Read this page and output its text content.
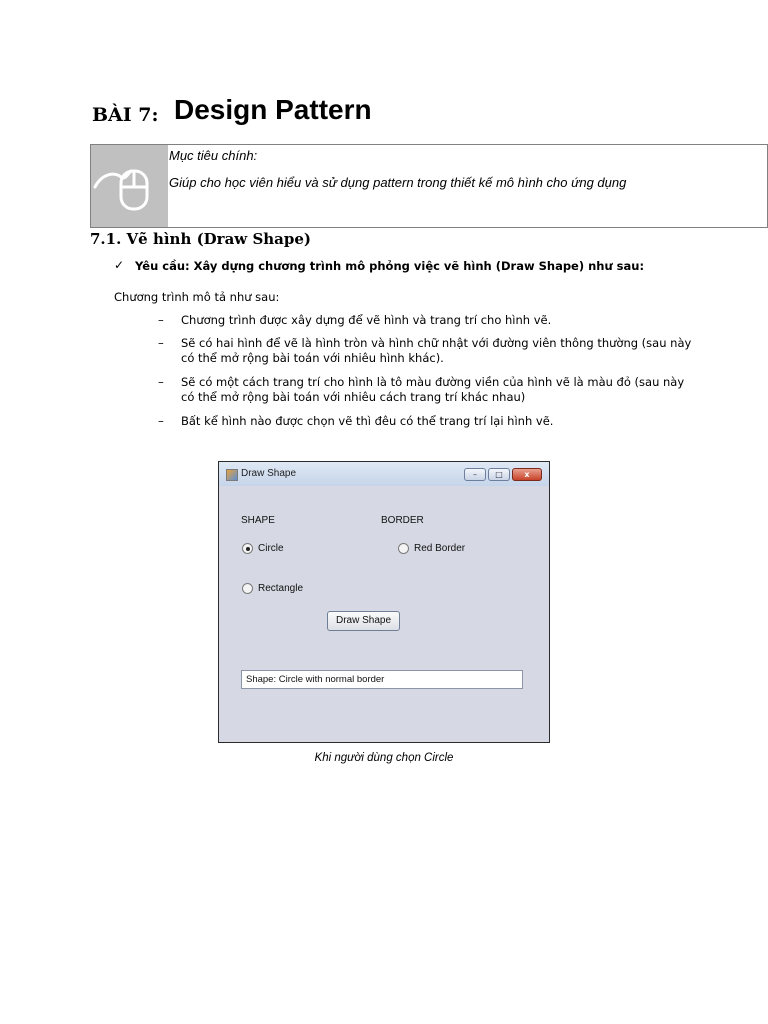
BÀI 7: Design Pattern
Mục tiêu chính:
Giúp cho học viên hiểu và sử dụng pattern trong thiết kế mô hình cho ứng dụng
7.1. Vẽ hình (Draw Shape)
✓ Yêu cầu: Xây dựng chương trình mô phỏng việc vẽ hình (Draw Shape) như sau:
Chương trình mô tả như sau:
– Chương trình được xây dựng để vẽ hình và trang trí cho hình vẽ.
– Sẽ có hai hình để vẽ là hình tròn và hình chữ nhật với đường viên thông thường (sau này
có thể mở rộng bài toán với nhiêu hình khác).
– Sẽ có một cách trang trí cho hình là tô màu đường viền của hình vẽ là màu đỏ (sau này
có thể mở rộng bài toán với nhiêu cách trang trí khác nhau)
– Bất kể hình nào được chọn vẽ thì đêu có thể trang trí lại hình vẽ.
Draw Shape	–	□	x
SHAPE	BORDER
Circle	Red Border
Rectangle
Draw Shape
Shape: Circle with normal border
Khi người dùng chọn Circle
